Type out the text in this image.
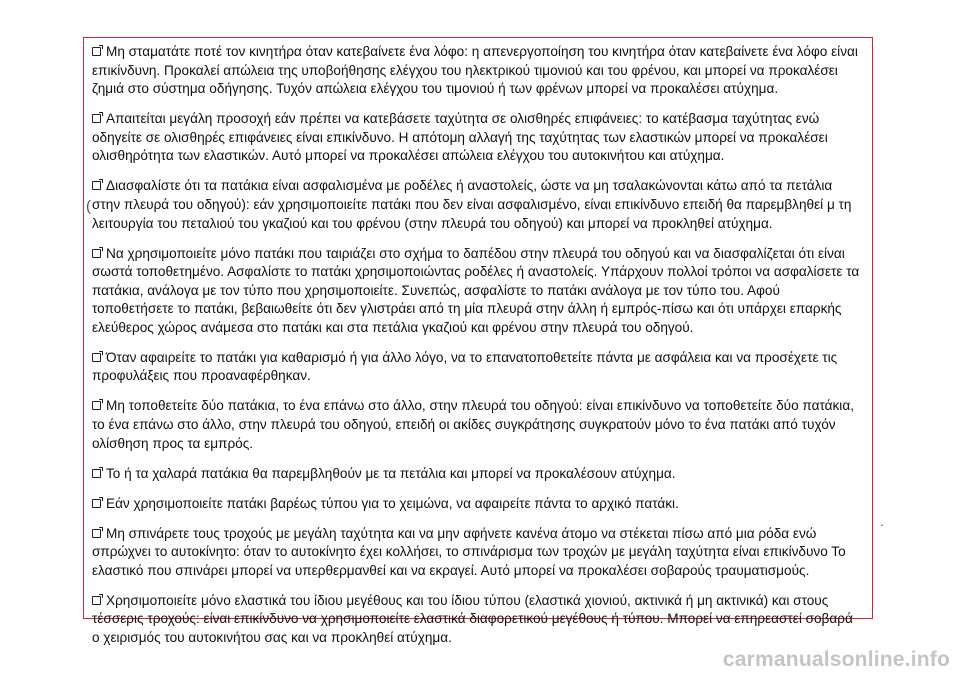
Μη σταματάτε ποτέ τον κινητήρα όταν κατεβαίνετε ένα λόφο: η απενεργοποίηση του κινητήρα όταν κατεβαίνετε ένα λόφο είναι επικίνδυνη. Προκαλεί απώλεια της υποβοήθησης ελέγχου του ηλεκτρικού τιμονιού και του φρένου, και μπορεί να προκαλέσει ζημιά στο σύστημα οδήγησης. Τυχόν απώλεια ελέγχου του τιμονιού ή των φρένων μπορεί να προκαλέσει ατύχημα.

Απαιτείται μεγάλη προσοχή εάν πρέπει να κατεβάσετε ταχύτητα σε ολισθηρές επιφάνειες: το κατέβασμα ταχύτητας ενώ οδηγείτε σε ολισθηρές επιφάνειες είναι επικίνδυνο. Η απότομη αλλαγή της ταχύτητας των ελαστικών μπορεί να προκαλέσει ολισθηρότητα των ελαστικών. Αυτό μπορεί να προκαλέσει απώλεια ελέγχου του αυτοκινήτου και ατύχημα.

Διασφαλίστε ότι τα πατάκια είναι ασφαλισμένα με ροδέλες ή αναστολείς, ώστε να μη τσαλακώνονται κάτω από τα πετάλια στην πλευρά του οδηγού): εάν χρησιμοποιείτε πατάκι που δεν είναι ασφαλισμένο, είναι επικίνδυνο επειδή θα παρεμβληθεί μ τη λειτουργία του πεταλιού του γκαζιού και του φρένου (στην πλευρά του οδηγού) και μπορεί να προκληθεί ατύχημα.

Να χρησιμοποιείτε μόνο πατάκι που ταιριάζει στο σχήμα το δαπέδου στην πλευρά του οδηγού και να διασφαλίζεται ότι είναι σωστά τοποθετημένο. Ασφαλίστε το πατάκι χρησιμοποιώντας ροδέλες ή αναστολείς. Υπάρχουν πολλοί τρόποι να ασφαλίσετε τα πατάκια, ανάλογα με τον τύπο που χρησιμοποιείτε. Συνεπώς, ασφαλίστε το πατάκι ανάλογα με τον τύπο του. Αφού τοποθετήσετε το πατάκι, βεβαιωθείτε ότι δεν γλιστράει από τη μία πλευρά στην άλλη ή εμπρός-πίσω και ότι υπάρχει επαρκής ελεύθερος χώρος ανάμεσα στο πατάκι και στα πετάλια γκαζιού και φρένου στην πλευρά του οδηγού.

Όταν αφαιρείτε το πατάκι για καθαρισμό ή για άλλο λόγο, να το επανατοποθετείτε πάντα με ασφάλεια και να προσέχετε τις προφυλάξεις που προαναφέρθηκαν.

Μη τοποθετείτε δύο πατάκια, το ένα επάνω στο άλλο, στην πλευρά του οδηγού: είναι επικίνδυνο να τοποθετείτε δύο πατάκια, το ένα επάνω στο άλλο, στην πλευρά του οδηγού, επειδή οι ακίδες συγκράτησης συγκρατούν μόνο το ένα πατάκι από τυχόν ολίσθηση προς τα εμπρός.

Το ή τα χαλαρά πατάκια θα παρεμβληθούν με τα πετάλια και μπορεί να προκαλέσουν ατύχημα.

Εάν χρησιμοποιείτε πατάκι βαρέως τύπου για το χειμώνα, να αφαιρείτε πάντα το αρχικό πατάκι.

Μη σπινάρετε τους τροχούς με μεγάλη ταχύτητα και να μην αφήνετε κανένα άτομο να στέκεται πίσω από μια ρόδα ενώ σπρώχνει το αυτοκίνητο: όταν το αυτοκίνητο έχει κολλήσει, το σπινάρισμα των τροχών με μεγάλη ταχύτητα είναι επικίνδυνο Το ελαστικό που σπινάρει μπορεί να υπερθερμανθεί και να εκραγεί. Αυτό μπορεί να προκαλέσει σοβαρούς τραυματισμούς.

Χρησιμοποιείτε μόνο ελαστικά του ίδιου μεγέθους και του ίδιου τύπου (ελαστικά χιονιού, ακτινικά ή μη ακτινικά) και στους τέσσερις τροχούς: είναι επικίνδυνο να χρησιμοποιείτε ελαστικά διαφορετικού μεγέθους ή τύπου. Μπορεί να επηρεαστεί σοβαρά ο χειρισμός του αυτοκινήτου σας και να προκληθεί ατύχημα.

(
.
carmanualsonline.info
